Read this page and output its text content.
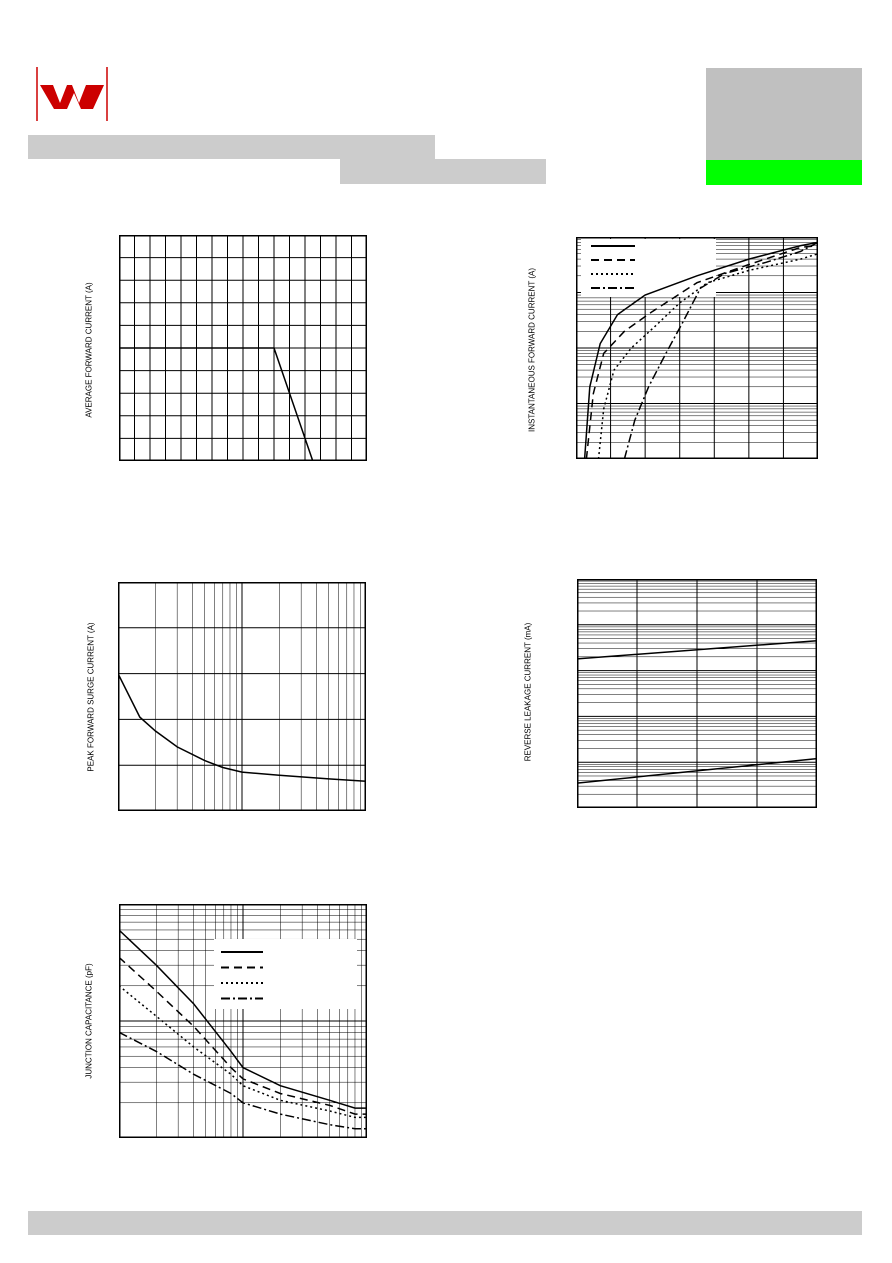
AVERAGE FORWARD CURRENT (A)	INSTANTANEOUS FORWARD CURRENT (A)
PEAK FORWARD SURGE CURRENT (A)	REVERSE LEAKAGE CURRENT (mA)
JUNCTION CAPACITANCE (pF)
